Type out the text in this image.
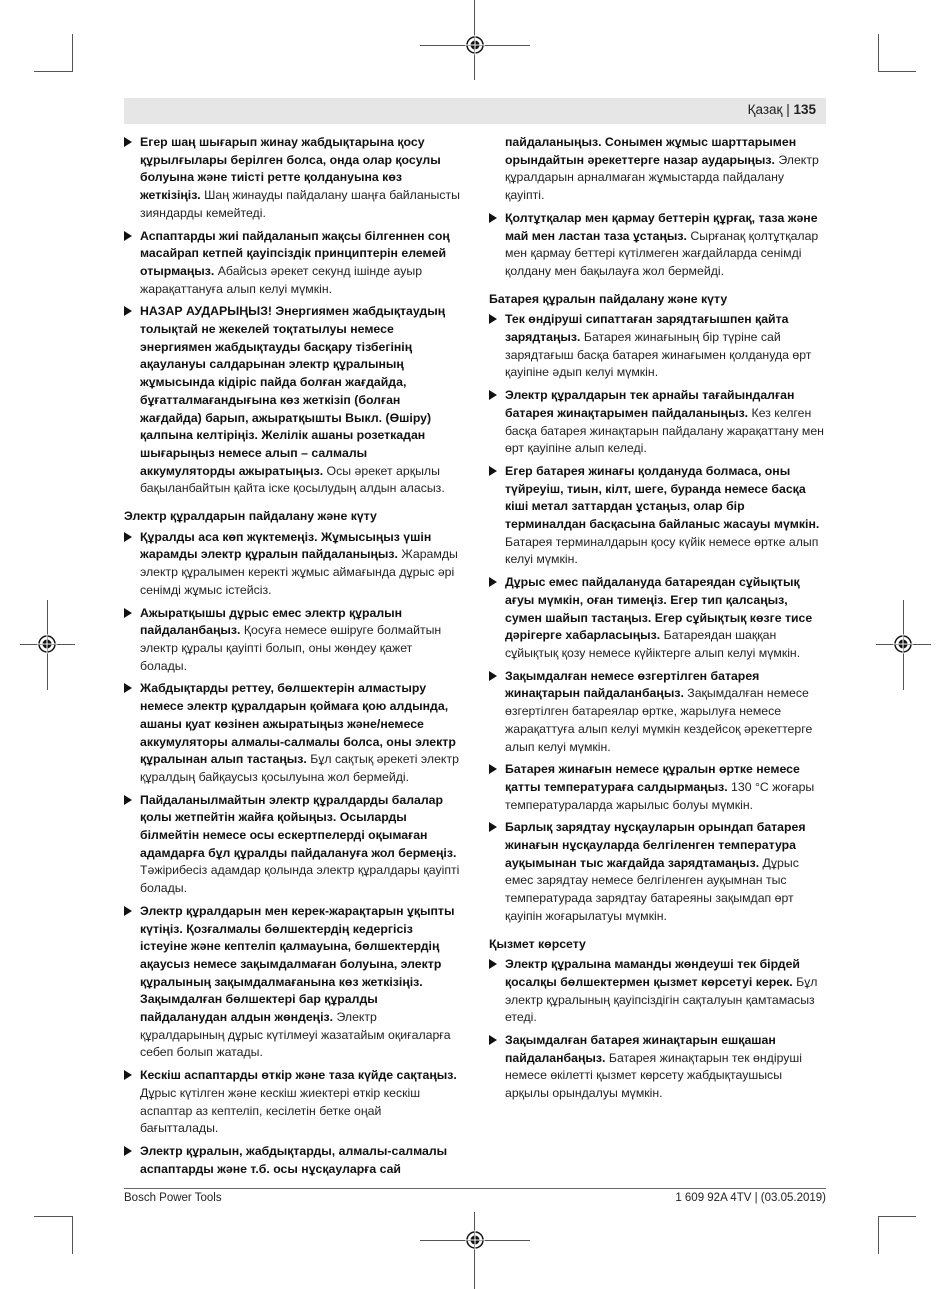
Қазақ | 135
Егер шаң шығарып жинау жабдықтарына қосу құрылғылары берілген болса, онда олар қосулы болуына және тиісті ретте қолдануына көз жеткізіңіз. Шаң жинауды пайдалану шаңға байланысты зияндарды кемейтеді.
Аспаптарды жиі пайдаланып жақсы білгеннен соң масайрап кетпей қауіпсіздік принциптерін елемей отырмаңыз. Абайсыз әрекет секунд ішінде ауыр жарақаттануға алып келуі мүмкін.
НАЗАР АУДАРЫҢЫЗ! Энергиямен жабдықтаудың толықтай не жекелей тоқтатылуы немесе энергиямен жабдықтауды басқару тізбегінің ақаулануы салдарынан электр құралының жұмысында кідіріс пайда болған жағдайда, бұғатталмағандығына көз жеткізіп (болған жағдайда) барып, ажыратқышты Выкл. (Өшіру) қалпына келтіріңіз. Желілік ашаны розеткадан шығарыңыз немесе алып – салмалы аккумуляторды ажыратыңыз. Осы әрекет арқылы бақыланбайтын қайта іске қосылудың алдын аласыз.
Электр құралдарын пайдалану және күту
Құралды аса көп жүктемеңіз. Жұмысыңыз үшін жарамды электр құралын пайдаланыңыз. Жарамды электр құралымен керекті жұмыс аймағында дұрыс әрі сенімді жұмыс істейсіз.
Ажыратқышы дұрыс емес электр құралын пайдаланбаңыз. Қосуға немесе өшіруге болмайтын электр құралы қауіпті болып, оны жөндеу қажет болады.
Жабдықтарды реттеу, бөлшектерін алмастыру немесе электр құралдарын қоймаға қою алдында, ашаны қуат көзінен ажыратыңыз және/немесе аккумуляторы алмалы-салмалы болса, оны электр құралынан алып тастаңыз. Бұл сақтық әрекеті электр құралдың байқаусыз қосылуына жол бермейді.
Пайдаланылмайтын электр құралдарды балалар қолы жетпейтін жайға қойыңыз. Осыларды білмейтін немесе осы ескертпелерді оқымаған адамдарға бұл құралды пайдалануға жол бермеңіз. Тәжірибесіз адамдар қолында электр құралдары қауіпті болады.
Электр құралдарын мен керек-жарақтарын ұқыпты күтіңіз. Қозғалмалы бөлшектердің кедергісіз істеуіне және кептеліп қалмауына, бөлшектердің ақаусыз немесе зақымдалмаған болуына, электр құралының зақымдалмағанына көз жеткізіңіз. Зақымдалған бөлшектері бар құралды пайдаланудан алдын жөндеңіз. Электр құралдарының дұрыс күтілмеуі жазатайым оқиғаларға себеп болып жатады.
Кескіш аспаптарды өткір және таза күйде сақтаңыз. Дұрыс күтілген және кескіш жиектері өткір кескіш аспаптар аз кептеліп, кесілетін бетке оңай бағытталады.
Электр құралын, жабдықтарды, алмалы-салмалы аспаптарды және т.б. осы нұсқауларға сай
пайдаланыңыз. Сонымен жұмыс шарттарымен орындайтын әрекеттерге назар аударыңыз. Электр құралдарын арналмаған жұмыстарда пайдалану қауіпті.
Қолтұтқалар мен қармау беттерін құрғақ, таза және май мен ластан таза ұстаңыз. Сырғанақ қолтұтқалар мен қармау беттері күтілмеген жағдайларда сенімді қолдану мен бақылауға жол бермейді.
Батарея құралын пайдалану және күту
Тек өндіруші сипаттаған зарядтағышпен қайта зарядтаңыз. Батарея жинағының бір түріне сай зарядтағыш басқа батарея жинағымен қолдануда өрт қауіпіне әдып келуі мүмкін.
Электр құралдарын тек арнайы тағайындалған батарея жинақтарымен пайдаланыңыз. Кез келген басқа батарея жинақтарын пайдалану жарақаттану мен өрт қауіпіне алып келеді.
Егер батарея жинағы қолдануда болмаса, оны түйреуіш, тиын, кілт, шеге, буранда немесе басқа кіші метал заттардан ұстаңыз, олар бір терминалдан басқасына байланыс жасауы мүмкін. Батарея терминалдарын қосу күйік немесе өртке алып келуі мүмкін.
Дұрыс емес пайдалануда батареядан сұйықтық ағуы мүмкін, оған тимеңіз. Егер тип қалсаңыз, сумен шайып тастаңыз. Егер сұйықтық көзге тисе дәрігерге хабарласыңыз. Батареядан шаққан сұйықтық қозу немесе күйіктерге алып келуі мүмкін.
Зақымдалған немесе өзгертілген батарея жинақтарын пайдаланбаңыз. Зақымдалған немесе өзгертілген батареялар өртке, жарылуға немесе жарақаттуға алып келуі мүмкін кездейсоқ әрекеттерге алып келуі мүмкін.
Батарея жинағын немесе құралын өртке немесе қатты температураға салдырмаңыз. 130 °C жоғары температураларда жарылыс болуы мүмкін.
Барлық зарядтау нұсқауларын орындап батарея жинағын нұсқауларда белгіленген температура ауқымынан тыс жағдайда зарядтамаңыз. Дұрыс емес зарядтау немесе белгіленген ауқымнан тыс температурада зарядтау батареяны зақымдап өрт қауіпін жоғарылатуы мүмкін.
Қызмет көрсету
Электр құралына маманды жөндеуші тек бірдей қосалқы бөлшектермен қызмет көрсетуі керек. Бұл электр құралының қауіпсіздігін сақталуын қамтамасыз етеді.
Зақымдалған батарея жинақтарын ешқашан пайдаланбаңыз. Батарея жинақтарын тек өндіруші немесе өкілетті қызмет көрсету жабдықтаушысы арқылы орындалуы мүмкін.
Bosch Power Tools	1 609 92A 4TV | (03.05.2019)
